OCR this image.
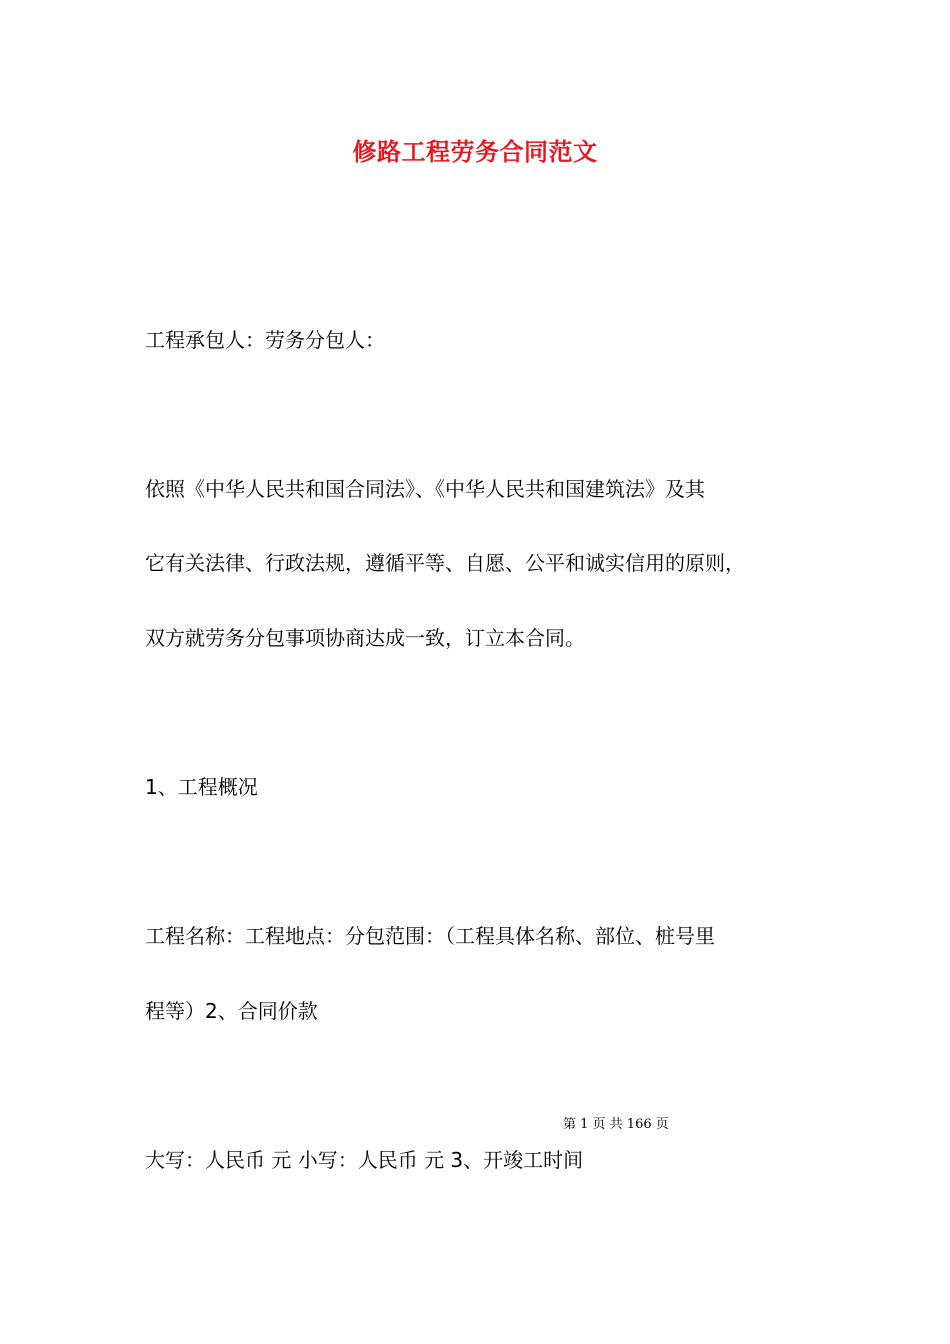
修路工程劳务合同范文
工程承包人：劳务分包人：
依照《中华人民共和国合同法》、《中华人民共和国建筑法》及其
它有关法律、行政法规，遵循平等、自愿、公平和诚实信用的原则，
双方就劳务分包事项协商达成一致，订立本合同。
1、工程概况
工程名称：工程地点：分包范围：（工程具体名称、部位、桩号里
程等）2、合同价款
第 1 页 共 166 页
大写：人民币 元 小写：人民币 元 3、开竣工时间
